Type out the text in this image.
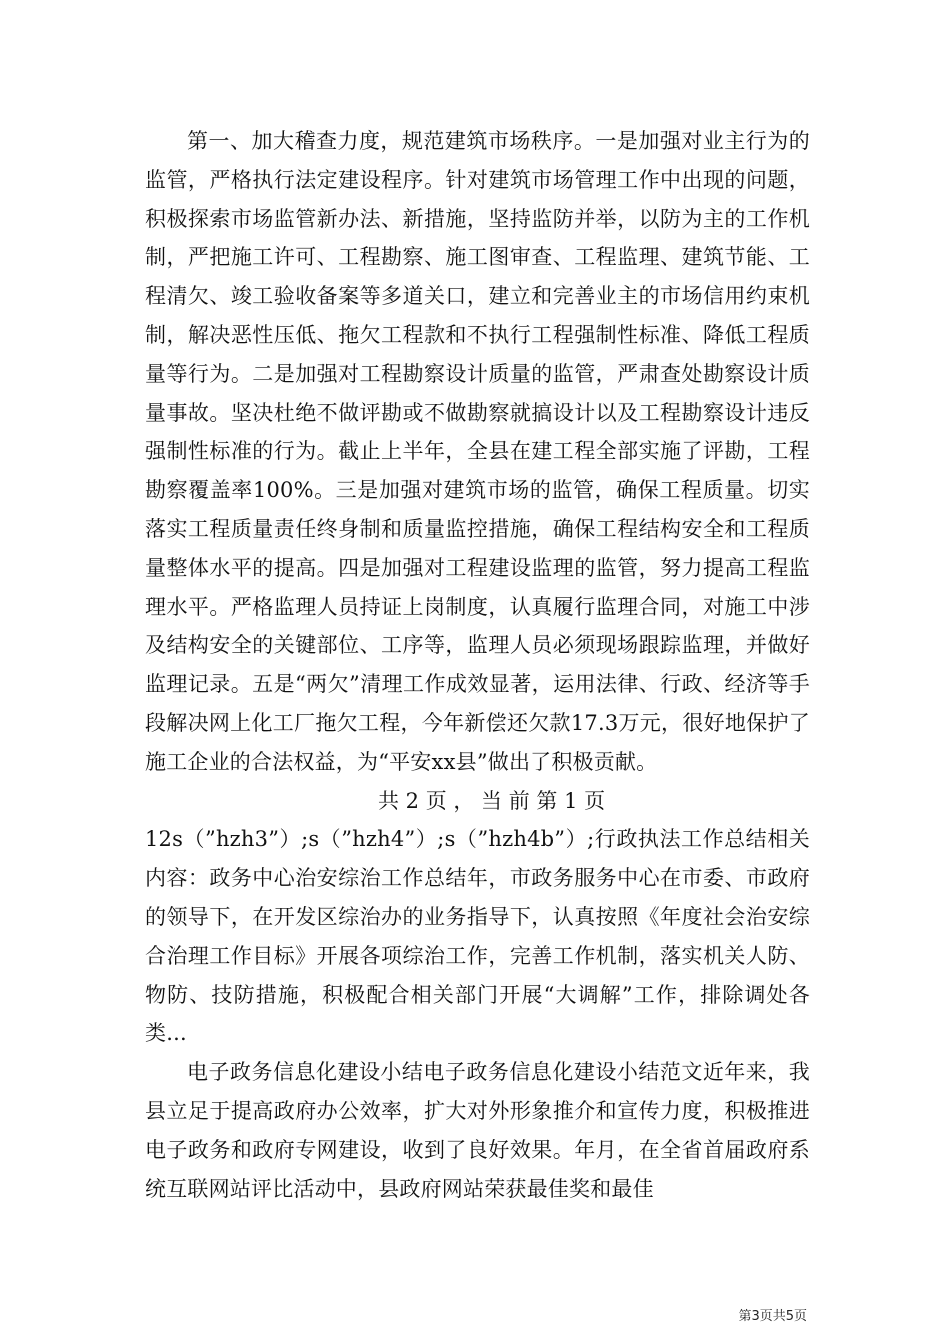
第一、加大稽查力度，规范建筑市场秩序。一是加强对业主行为的监管，严格执行法定建设程序。针对建筑市场管理工作中出现的问题，积极探索市场监管新办法、新措施，坚持监防并举，以防为主的工作机制，严把施工许可、工程勘察、施工图审查、工程监理、建筑节能、工程清欠、竣工验收备案等多道关口，建立和完善业主的市场信用约束机制，解决恶性压低、拖欠工程款和不执行工程强制性标准、降低工程质量等行为。二是加强对工程勘察设计质量的监管，严肃查处勘察设计质量事故。坚决杜绝不做评勘或不做勘察就搞设计以及工程勘察设计违反强制性标准的行为。截止上半年，全县在建工程全部实施了评勘，工程勘察覆盖率100%。三是加强对建筑市场的监管，确保工程质量。切实落实工程质量责任终身制和质量监控措施，确保工程结构安全和工程质量整体水平的提高。四是加强对工程建设监理的监管，努力提高工程监理水平。严格监理人员持证上岗制度，认真履行监理合同，对施工中涉及结构安全的关键部位、工序等，监理人员必须现场跟踪监理，并做好监理记录。五是“两欠”清理工作成效显著，运用法律、行政、经济等手段解决网上化工厂拖欠工程，今年新偿还欠款17.3万元，很好地保护了施工企业的合法权益，为“平安xx县”做出了积极贡献。

共 2 页 ， 当 前 第 1 页

12s（”hzh3”）;s（”hzh4”）;s（”hzh4b”）;行政执法工作总结相关内容：政务中心治安综治工作总结年，市政务服务中心在市委、市政府的领导下，在开发区综治办的业务指导下，认真按照《年度社会治安综合治理工作目标》开展各项综治工作，完善工作机制，落实机关人防、物防、技防措施，积极配合相关部门开展“大调解”工作，排除调处各类...

电子政务信息化建设小结电子政务信息化建设小结范文近年来，我县立足于提高政府办公效率，扩大对外形象推介和宣传力度，积极推进电子政务和政府专网建设，收到了良好效果。年月，在全省首届政府系统互联网站评比活动中，县政府网站荣获最佳奖和最佳

第3页共5页
